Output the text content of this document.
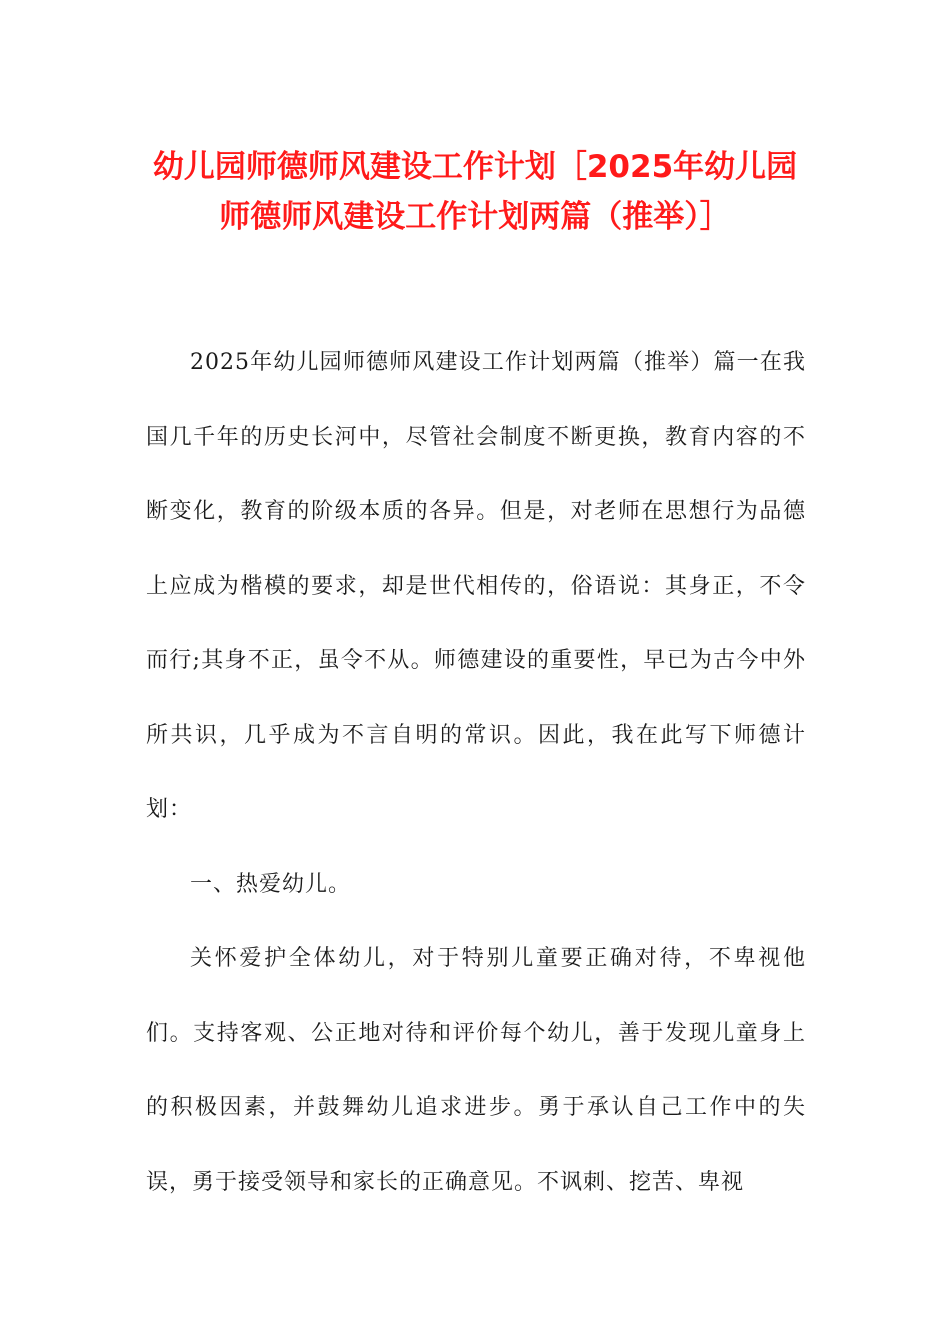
幼儿园师德师风建设工作计划［2025年幼儿园师德师风建设工作计划两篇（推举）］

2025年幼儿园师德师风建设工作计划两篇（推举）篇一在我国几千年的历史长河中，尽管社会制度不断更换，教育内容的不断变化，教育的阶级本质的各异。但是，对老师在思想行为品德上应成为楷模的要求，却是世代相传的，俗语说：其身正，不令而行;其身不正，虽令不从。师德建设的重要性，早已为古今中外所共识，几乎成为不言自明的常识。因此，我在此写下师德计划：

一、热爱幼儿。

关怀爱护全体幼儿，对于特别儿童要正确对待，不卑视他们。支持客观、公正地对待和评价每个幼儿，善于发现儿童身上的积极因素，并鼓舞幼儿追求进步。勇于承认自己工作中的失误，勇于接受领导和家长的正确意见。不讽刺、挖苦、卑视
